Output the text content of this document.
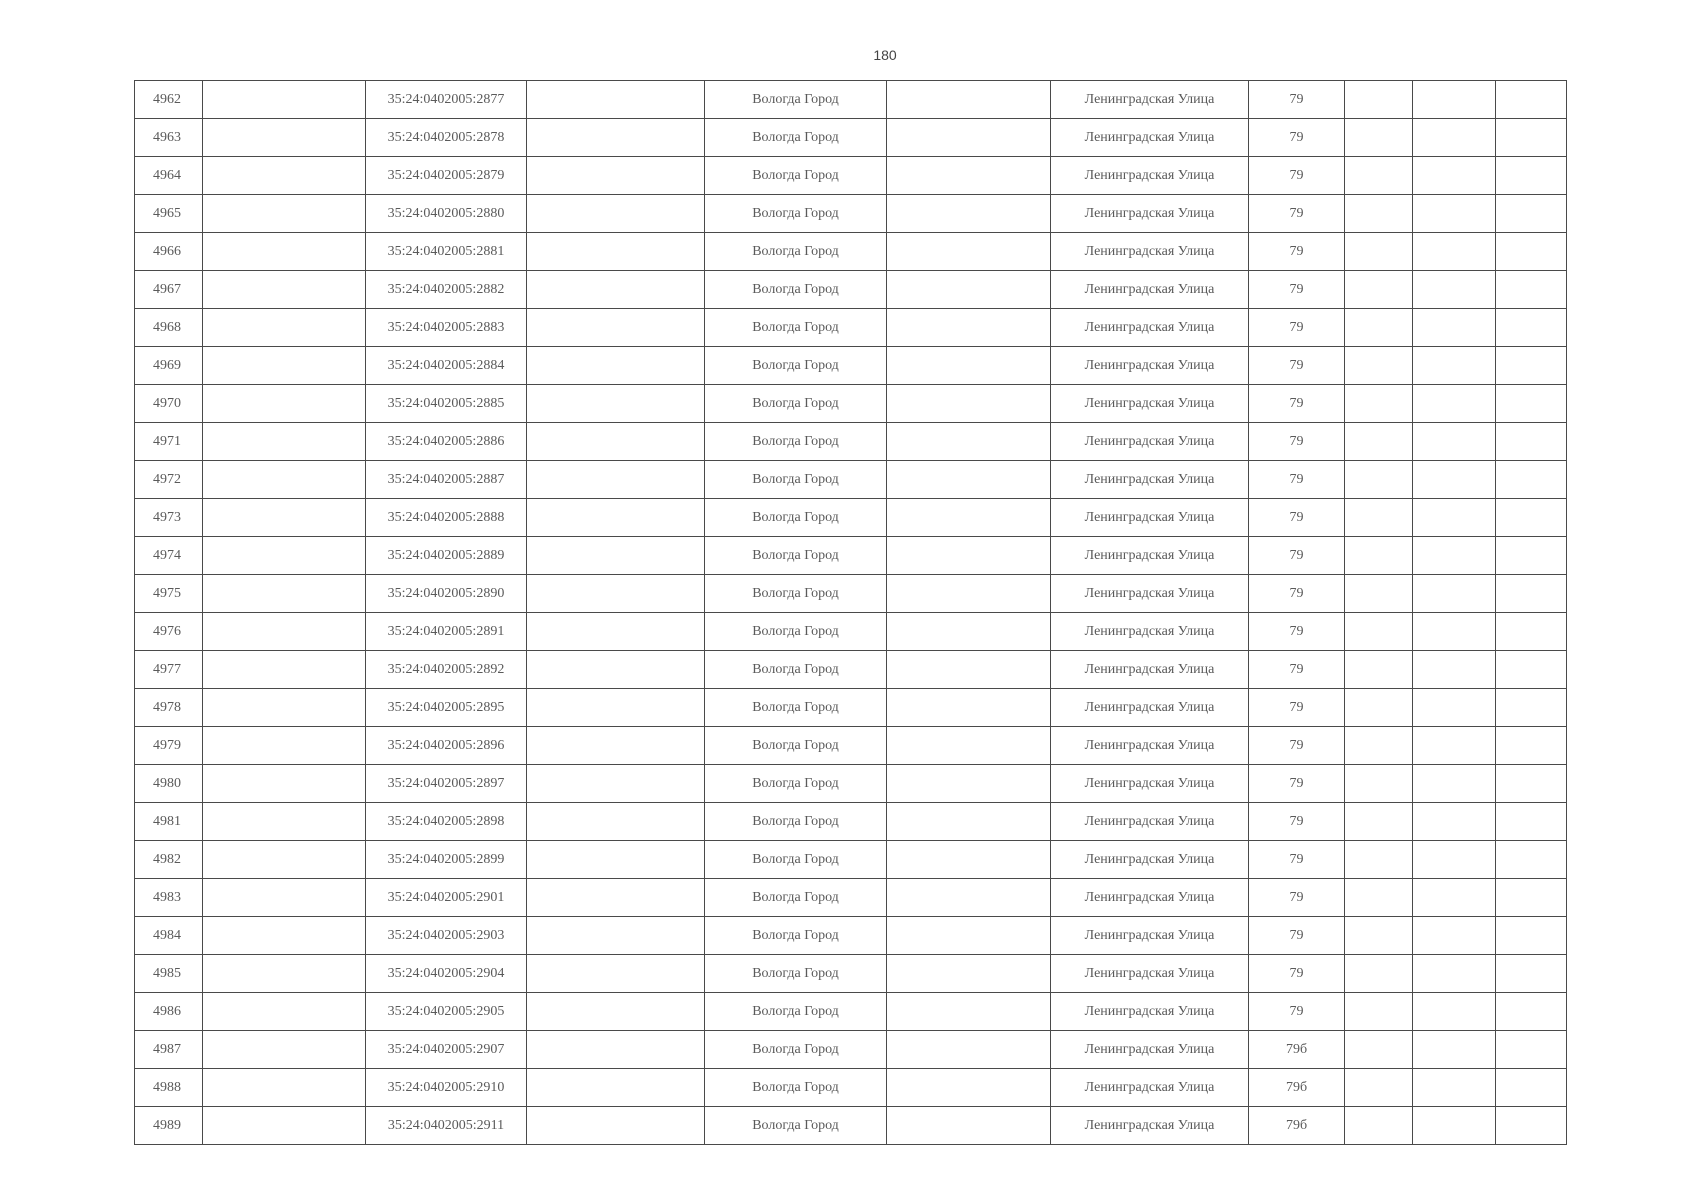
180
4962		35:24:0402005:2877		Вологда Город		Ленинградская Улица	79			
4963		35:24:0402005:2878		Вологда Город		Ленинградская Улица	79			
4964		35:24:0402005:2879		Вологда Город		Ленинградская Улица	79			
4965		35:24:0402005:2880		Вологда Город		Ленинградская Улица	79			
4966		35:24:0402005:2881		Вологда Город		Ленинградская Улица	79			
4967		35:24:0402005:2882		Вологда Город		Ленинградская Улица	79			
4968		35:24:0402005:2883		Вологда Город		Ленинградская Улица	79			
4969		35:24:0402005:2884		Вологда Город		Ленинградская Улица	79			
4970		35:24:0402005:2885		Вологда Город		Ленинградская Улица	79			
4971		35:24:0402005:2886		Вологда Город		Ленинградская Улица	79			
4972		35:24:0402005:2887		Вологда Город		Ленинградская Улица	79			
4973		35:24:0402005:2888		Вологда Город		Ленинградская Улица	79			
4974		35:24:0402005:2889		Вологда Город		Ленинградская Улица	79			
4975		35:24:0402005:2890		Вологда Город		Ленинградская Улица	79			
4976		35:24:0402005:2891		Вологда Город		Ленинградская Улица	79			
4977		35:24:0402005:2892		Вологда Город		Ленинградская Улица	79			
4978		35:24:0402005:2895		Вологда Город		Ленинградская Улица	79			
4979		35:24:0402005:2896		Вологда Город		Ленинградская Улица	79			
4980		35:24:0402005:2897		Вологда Город		Ленинградская Улица	79			
4981		35:24:0402005:2898		Вологда Город		Ленинградская Улица	79			
4982		35:24:0402005:2899		Вологда Город		Ленинградская Улица	79			
4983		35:24:0402005:2901		Вологда Город		Ленинградская Улица	79			
4984		35:24:0402005:2903		Вологда Город		Ленинградская Улица	79			
4985		35:24:0402005:2904		Вологда Город		Ленинградская Улица	79			
4986		35:24:0402005:2905		Вологда Город		Ленинградская Улица	79			
4987		35:24:0402005:2907		Вологда Город		Ленинградская Улица	79б			
4988		35:24:0402005:2910		Вологда Город		Ленинградская Улица	79б			
4989		35:24:0402005:2911		Вологда Город		Ленинградская Улица	79б			
